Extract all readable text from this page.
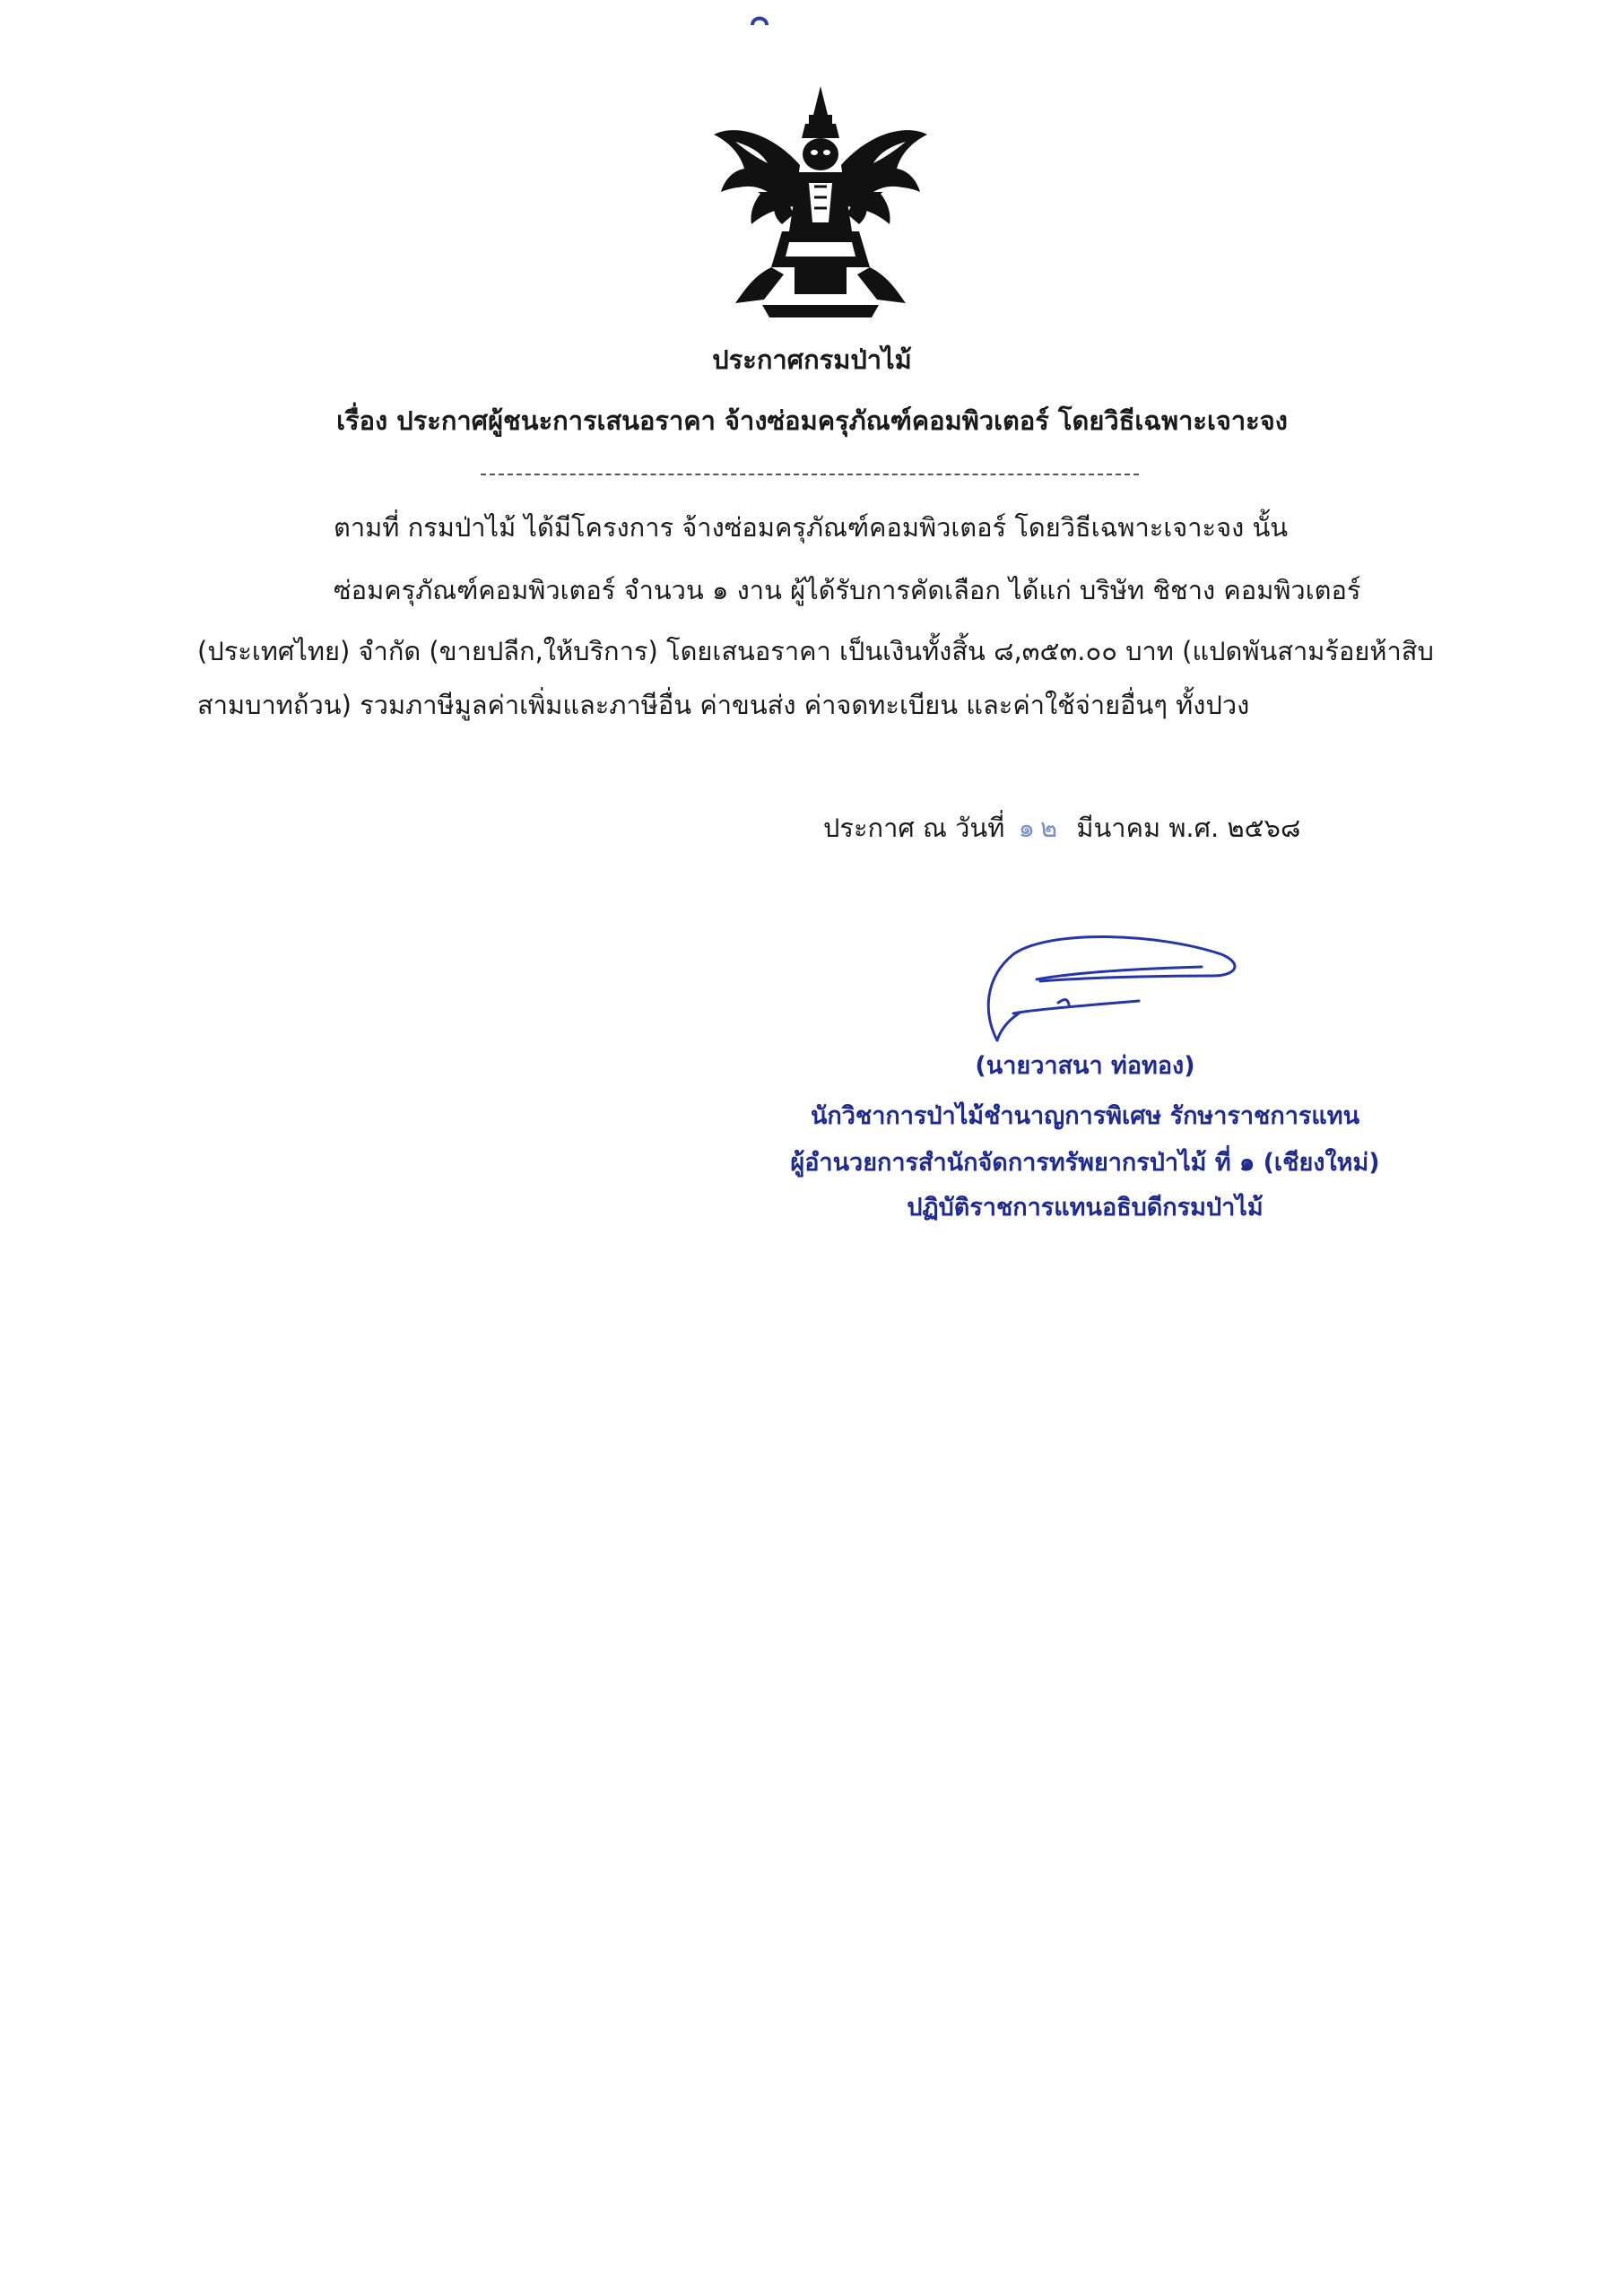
ประกาศกรมป่าไม้
เรื่อง ประกาศผู้ชนะการเสนอราคา จ้างซ่อมครุภัณฑ์คอมพิวเตอร์ โดยวิธีเฉพาะเจาะจง
ตามที่ กรมป่าไม้ ได้มีโครงการ จ้างซ่อมครุภัณฑ์คอมพิวเตอร์ โดยวิธีเฉพาะเจาะจง นั้น
ซ่อมครุภัณฑ์คอมพิวเตอร์ จำนวน ๑ งาน ผู้ได้รับการคัดเลือก ได้แก่ บริษัท ชิชาง คอมพิวเตอร์
(ประเทศไทย) จำกัด (ขายปลีก,ให้บริการ) โดยเสนอราคา เป็นเงินทั้งสิ้น ๘,๓๕๓.๐๐ บาท (แปดพันสามร้อยห้าสิบ
สามบาทถ้วน) รวมภาษีมูลค่าเพิ่มและภาษีอื่น ค่าขนส่ง ค่าจดทะเบียน และค่าใช้จ่ายอื่นๆ ทั้งปวง
ประกาศ ณ วันที่ ๑๒ มีนาคม พ.ศ. ๒๕๖๘
(นายวาสนา ท่อทอง)
นักวิชาการป่าไม้ชำนาญการพิเศษ รักษาราชการแทน
ผู้อำนวยการสำนักจัดการทรัพยากรป่าไม้ ที่ ๑ (เชียงใหม่)
ปฏิบัติราชการแทนอธิบดีกรมป่าไม้
